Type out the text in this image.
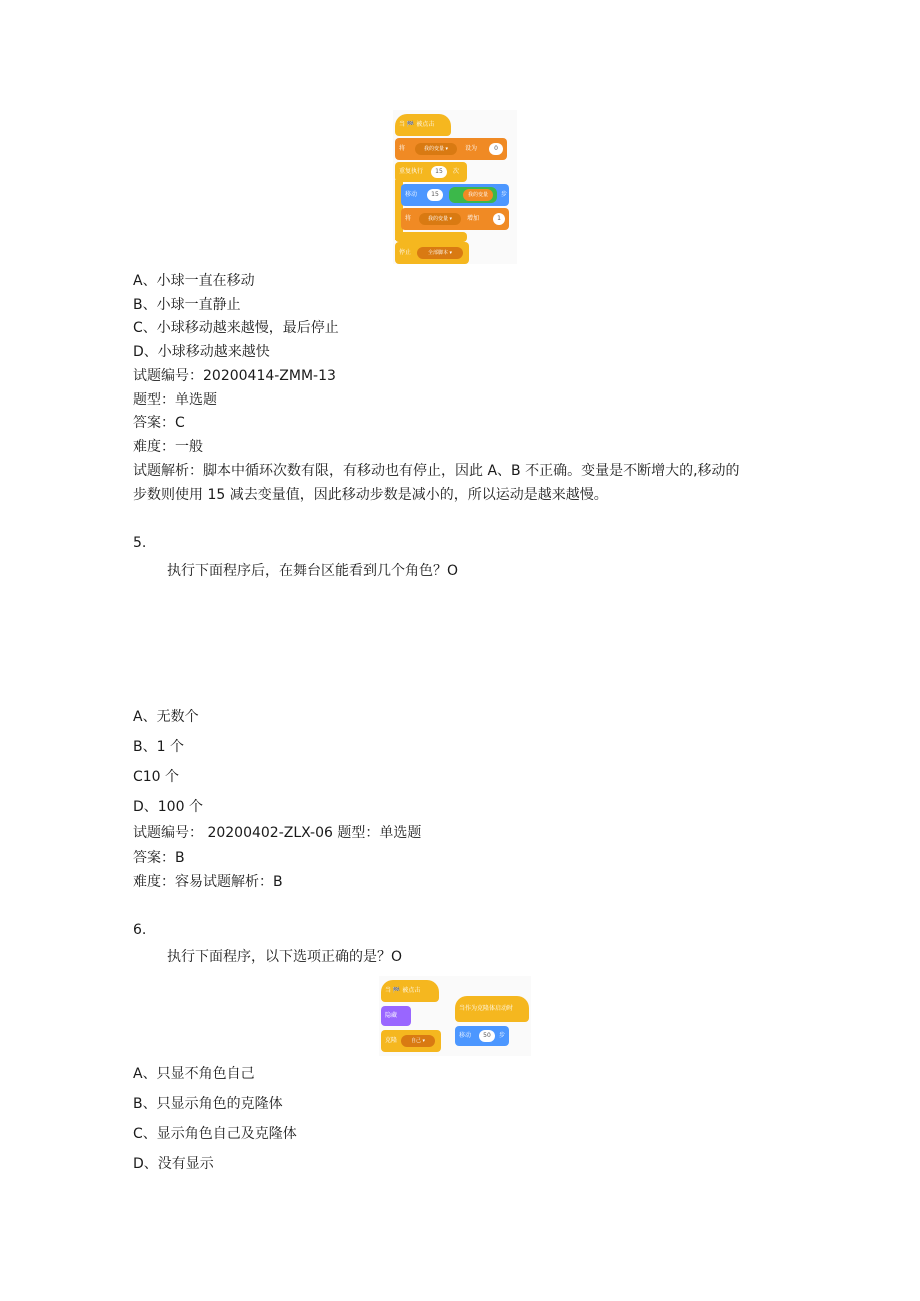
当 🏁 被点击
将	我的变量 ▾	设为	0
重复执行	15	次
移动	15	我的变量	步
将	我的变量 ▾	增加	1
停止	全部脚本 ▾
A、小球一直在移动
B、小球一直静止
C、小球移动越来越慢，最后停止
D、小球移动越来越快
试题编号：20200414-ZMM-13
题型：单选题
答案：C
难度：一般
试题解析：脚本中循环次数有限，有移动也有停止，因此 A、B 不正确。变量是不断增大的,移动的
步数则使用 15 减去变量值，因此移动步数是减小的，所以运动是越来越慢。
5.
执行下面程序后，在舞台区能看到几个角色？O
A、无数个
B、1 个
C10 个
D、100 个
试题编号： 20200402-ZLX-06 题型：单选题
答案：B
难度：容易试题解析：B
6.
执行下面程序，以下选项正确的是？O
当 🏁 被点击
隐藏
克隆	自己 ▾
当作为克隆体启动时
移动	50	步
A、只显不角色自己
B、只显示角色的克隆体
C、显示角色自己及克隆体
D、没有显示
